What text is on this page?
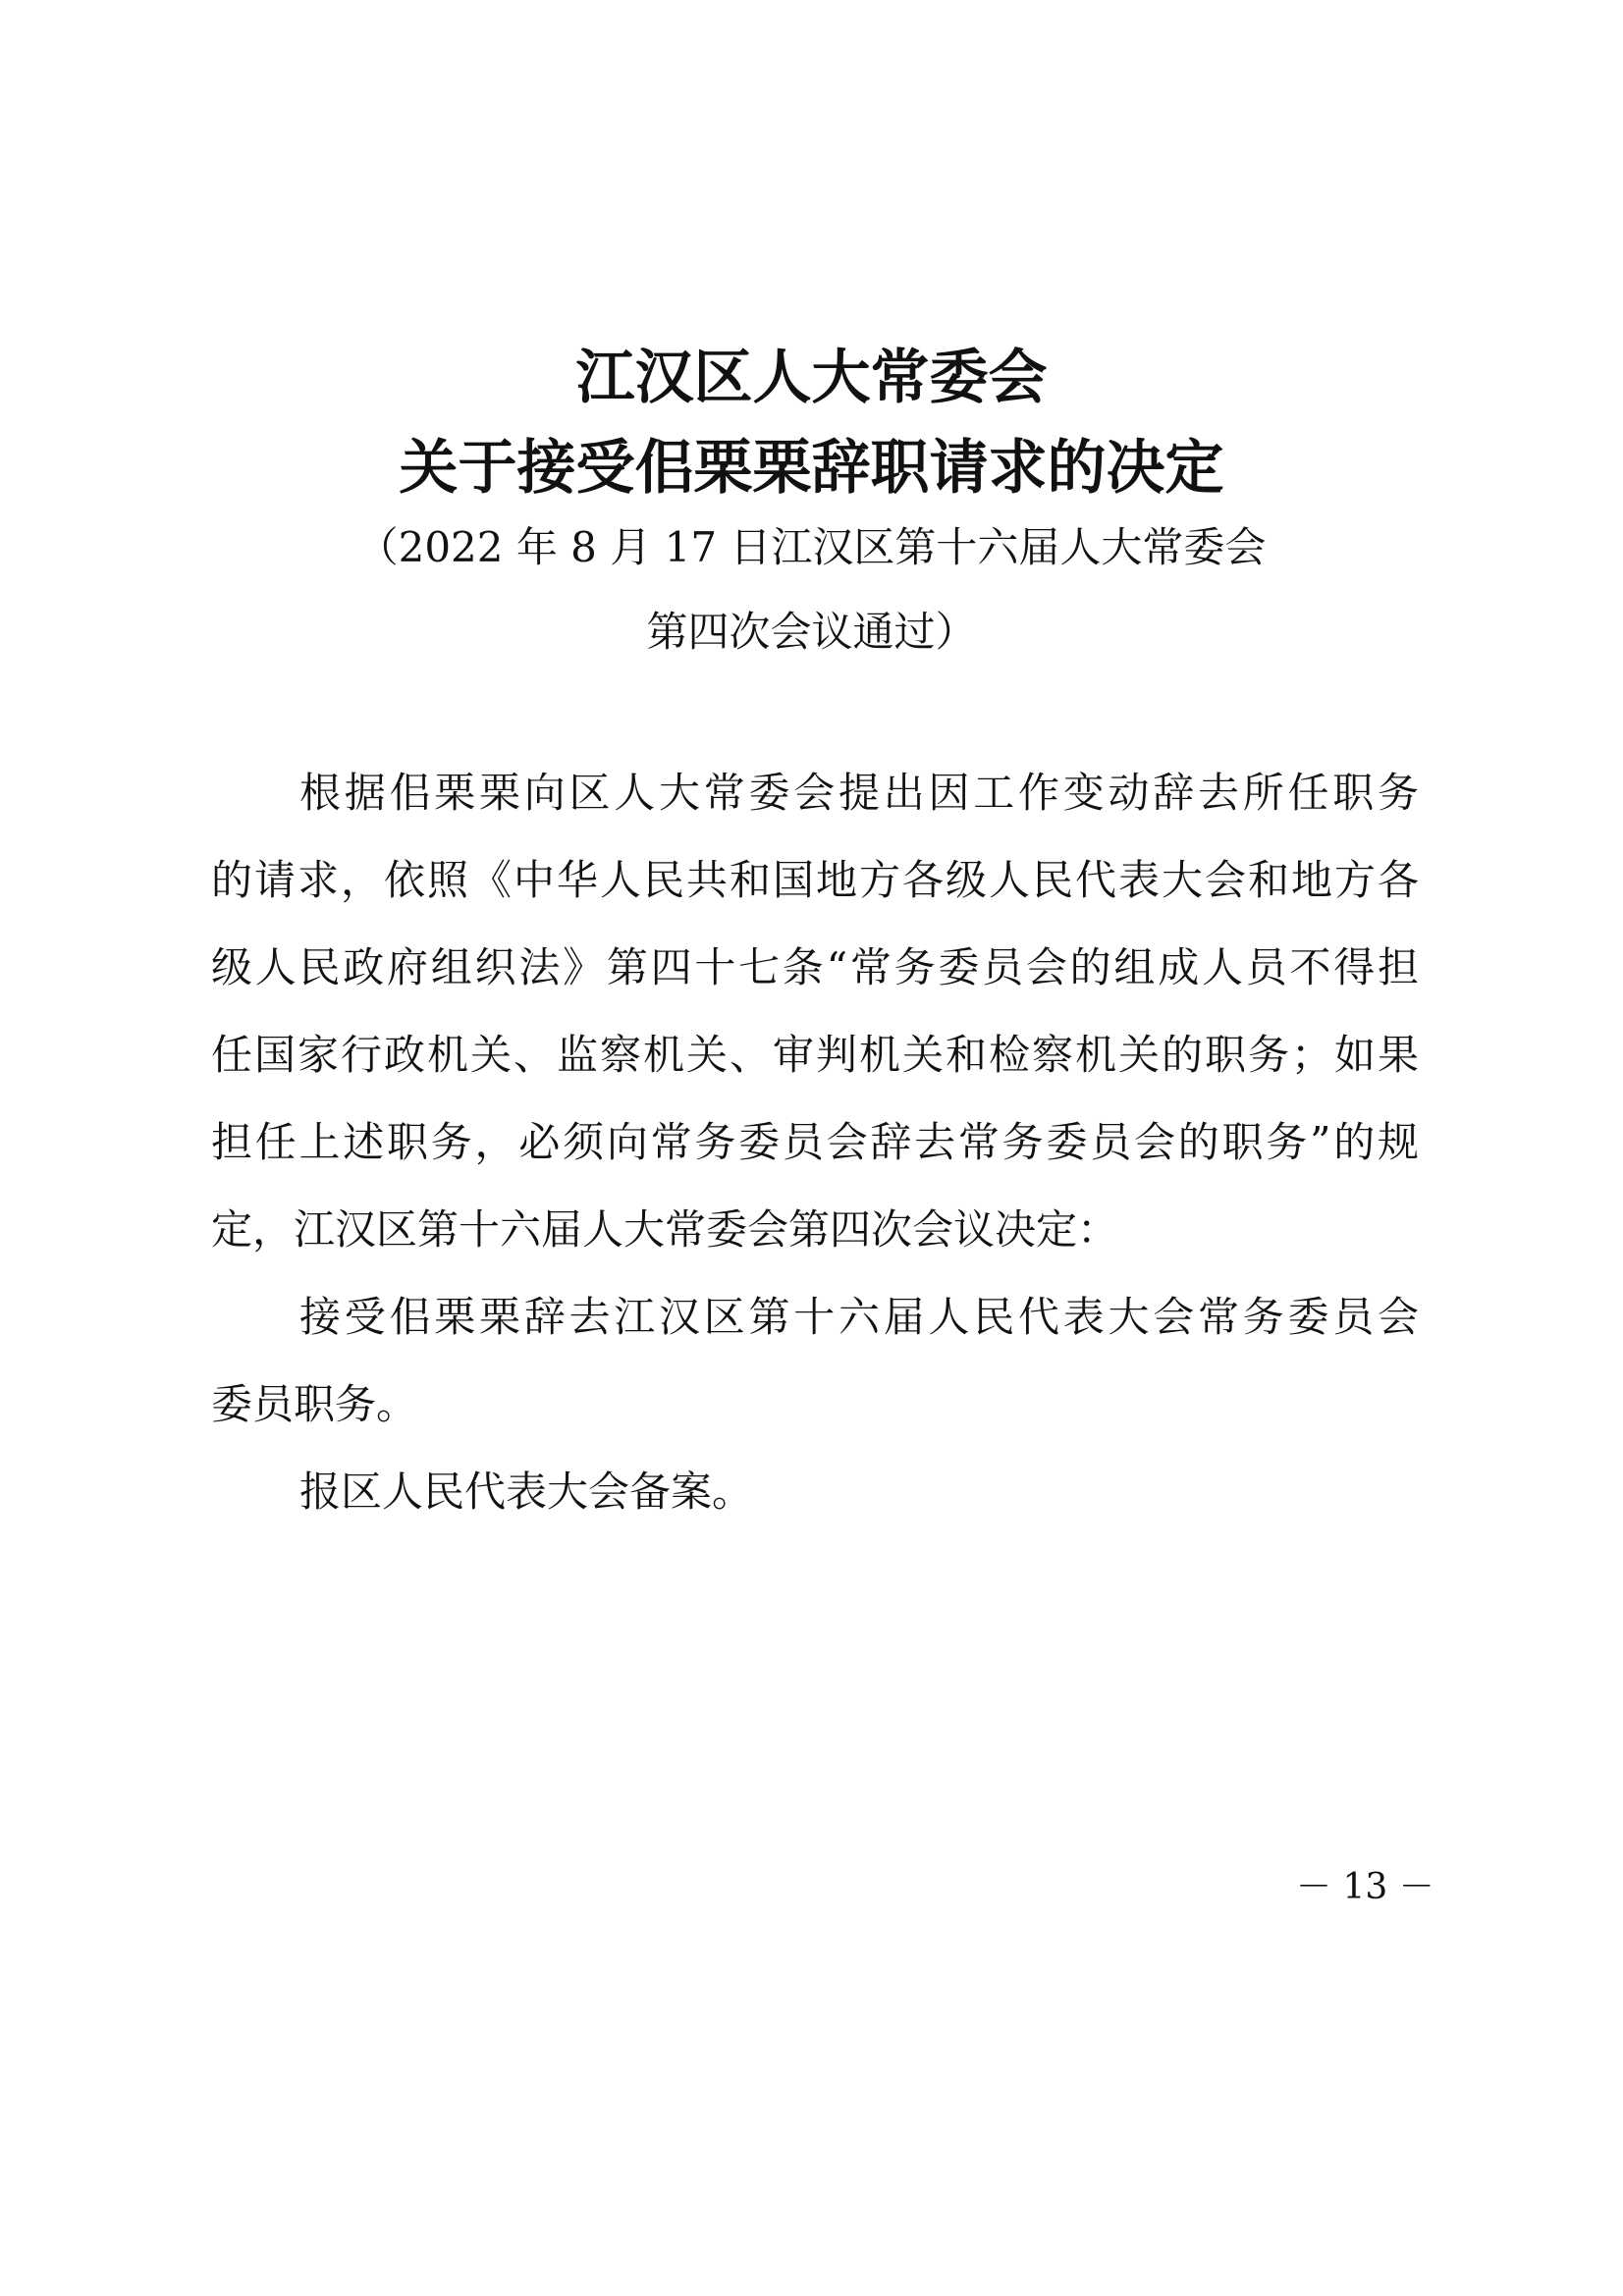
江汉区人大常委会
关于接受佀栗栗辞职请求的决定
（2022 年 8 月 17 日江汉区第十六届人大常委会
第四次会议通过）
根据佀栗栗向区人大常委会提出因工作变动辞去所任职务
的请求，依照《中华人民共和国地方各级人民代表大会和地方各
级人民政府组织法》第四十七条“常务委员会的组成人员不得担
任国家行政机关、监察机关、审判机关和检察机关的职务；如果
担任上述职务，必须向常务委员会辞去常务委员会的职务”的规
定，江汉区第十六届人大常委会第四次会议决定：
接受佀栗栗辞去江汉区第十六届人民代表大会常务委员会
委员职务。
报区人民代表大会备案。
－ 13 －
